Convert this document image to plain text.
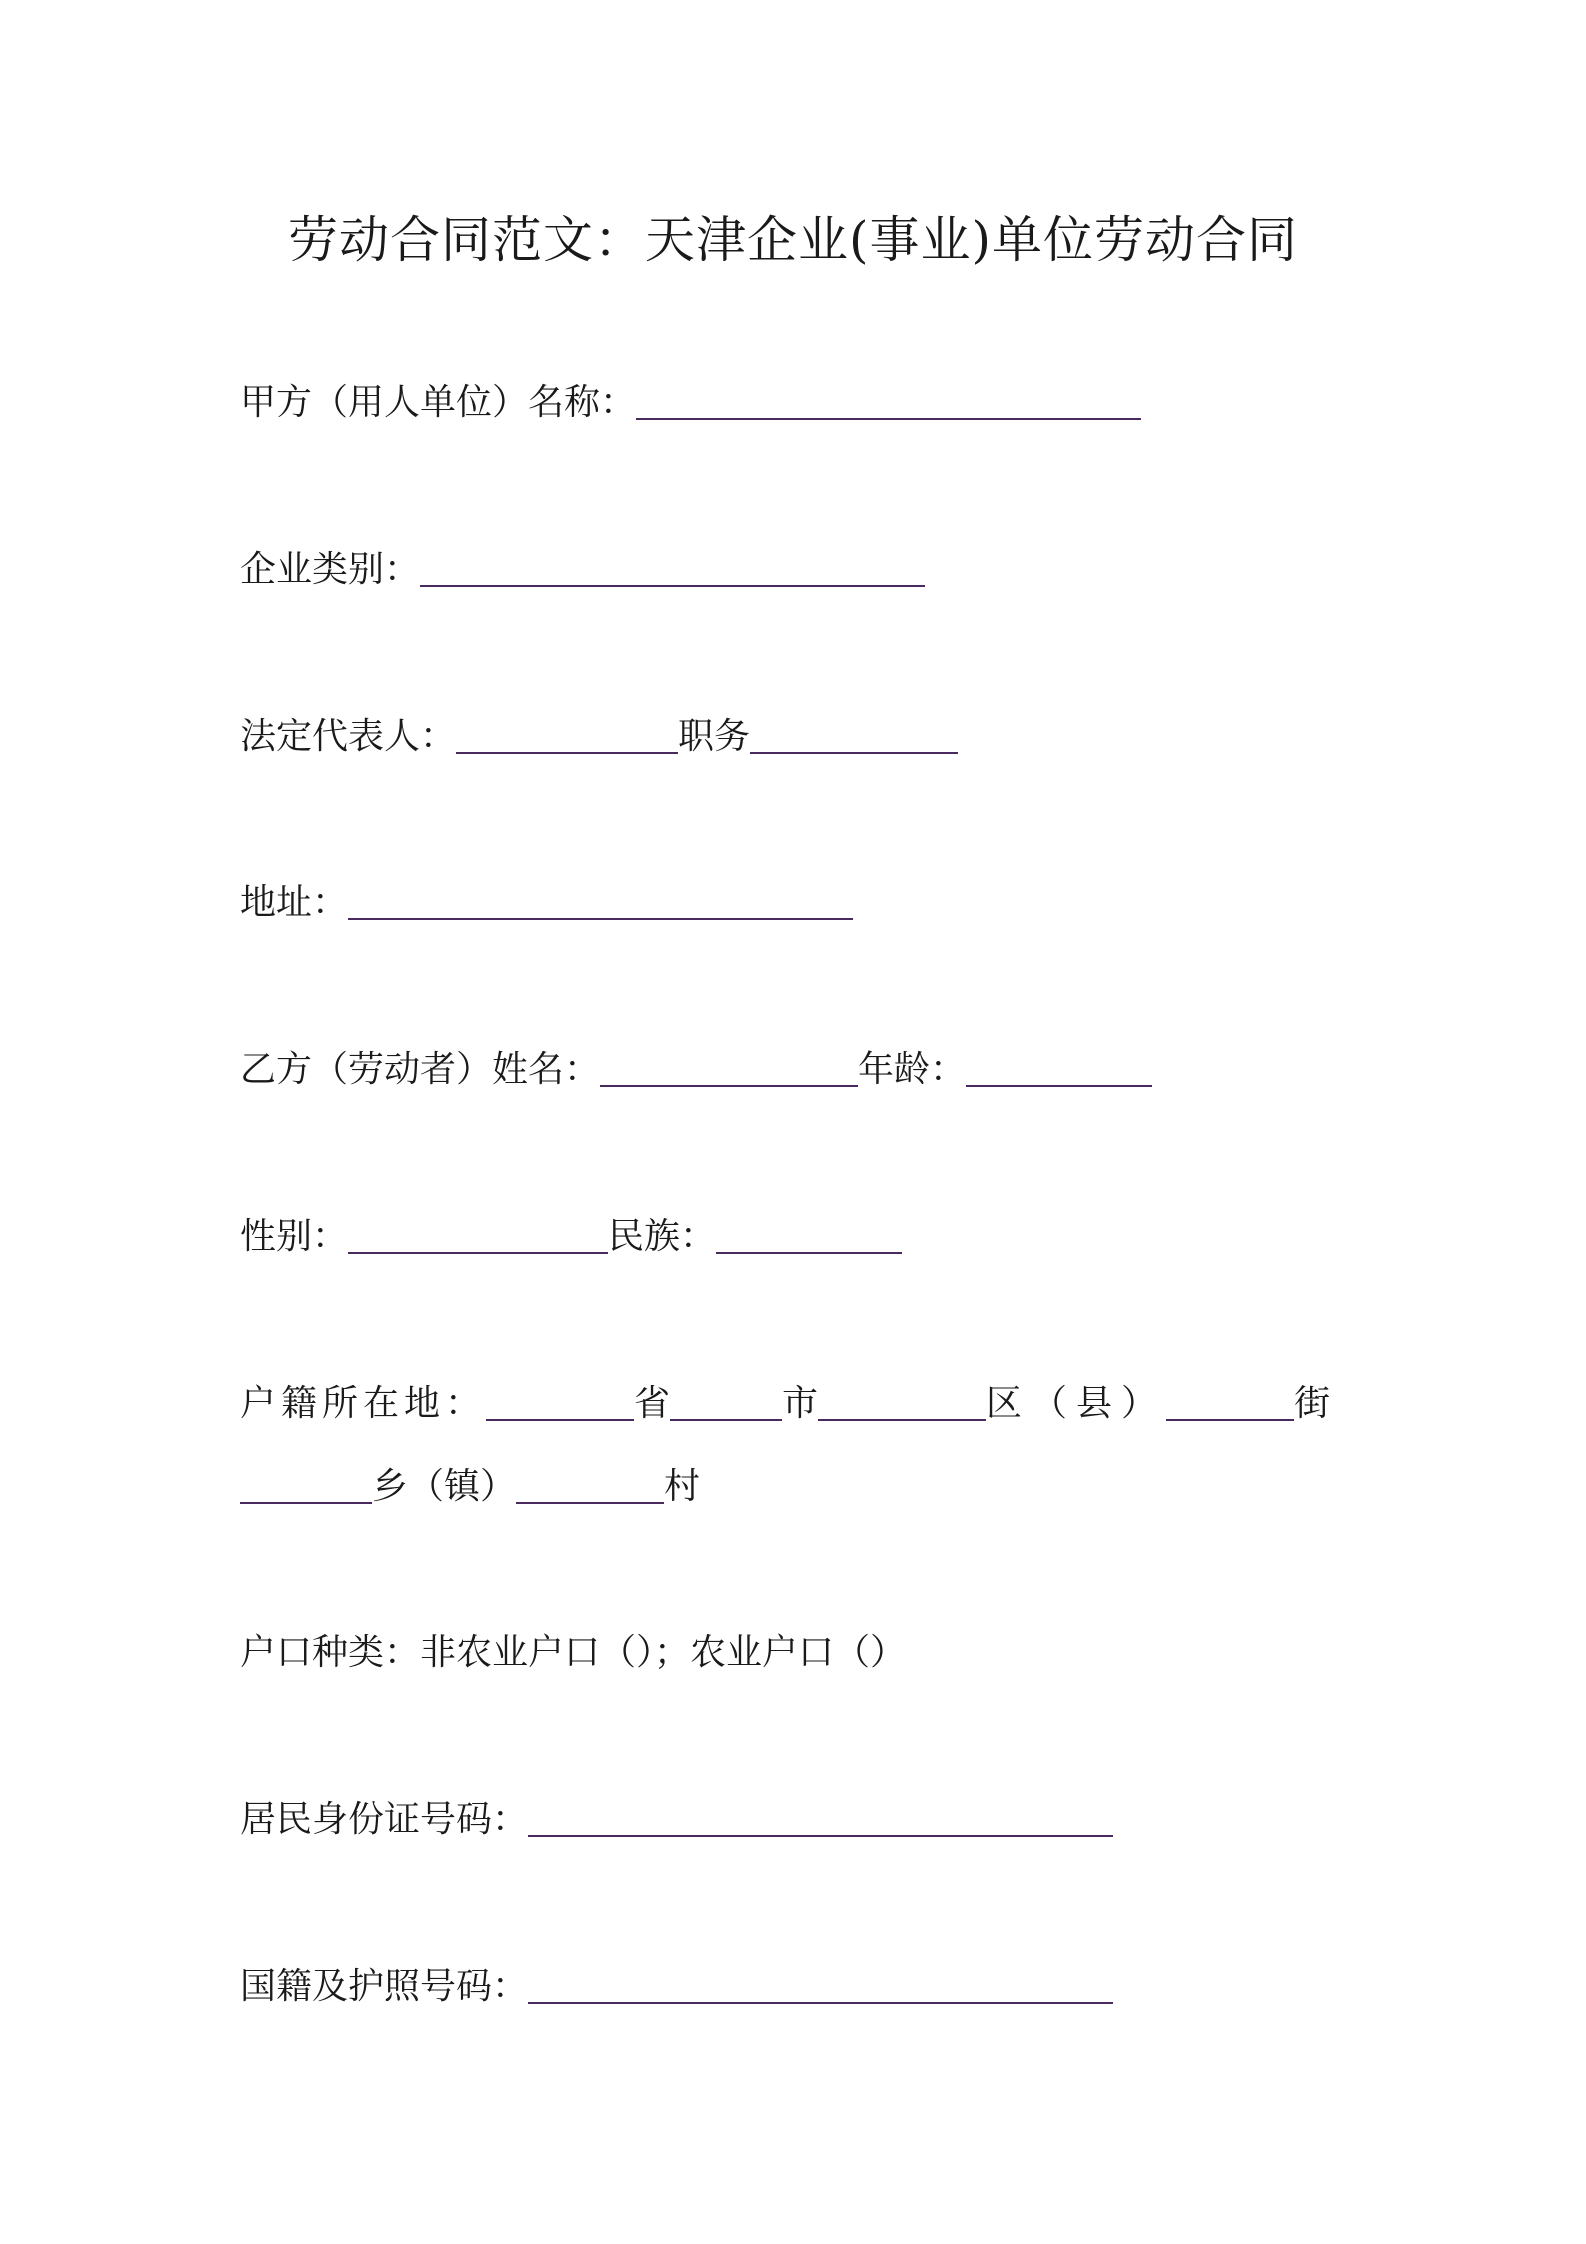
劳动合同范文：天津企业(事业)单位劳动合同
甲方（用人单位）名称：
企业类别：
法定代表人：	职务
地址：
乙方（劳动者）姓名：	年龄：
性别：	民族：
户籍所在地：	省	市	区（县）	街
乡（镇）	村
户口种类：非农业户口（）；农业户口（）
居民身份证号码：
国籍及护照号码：
